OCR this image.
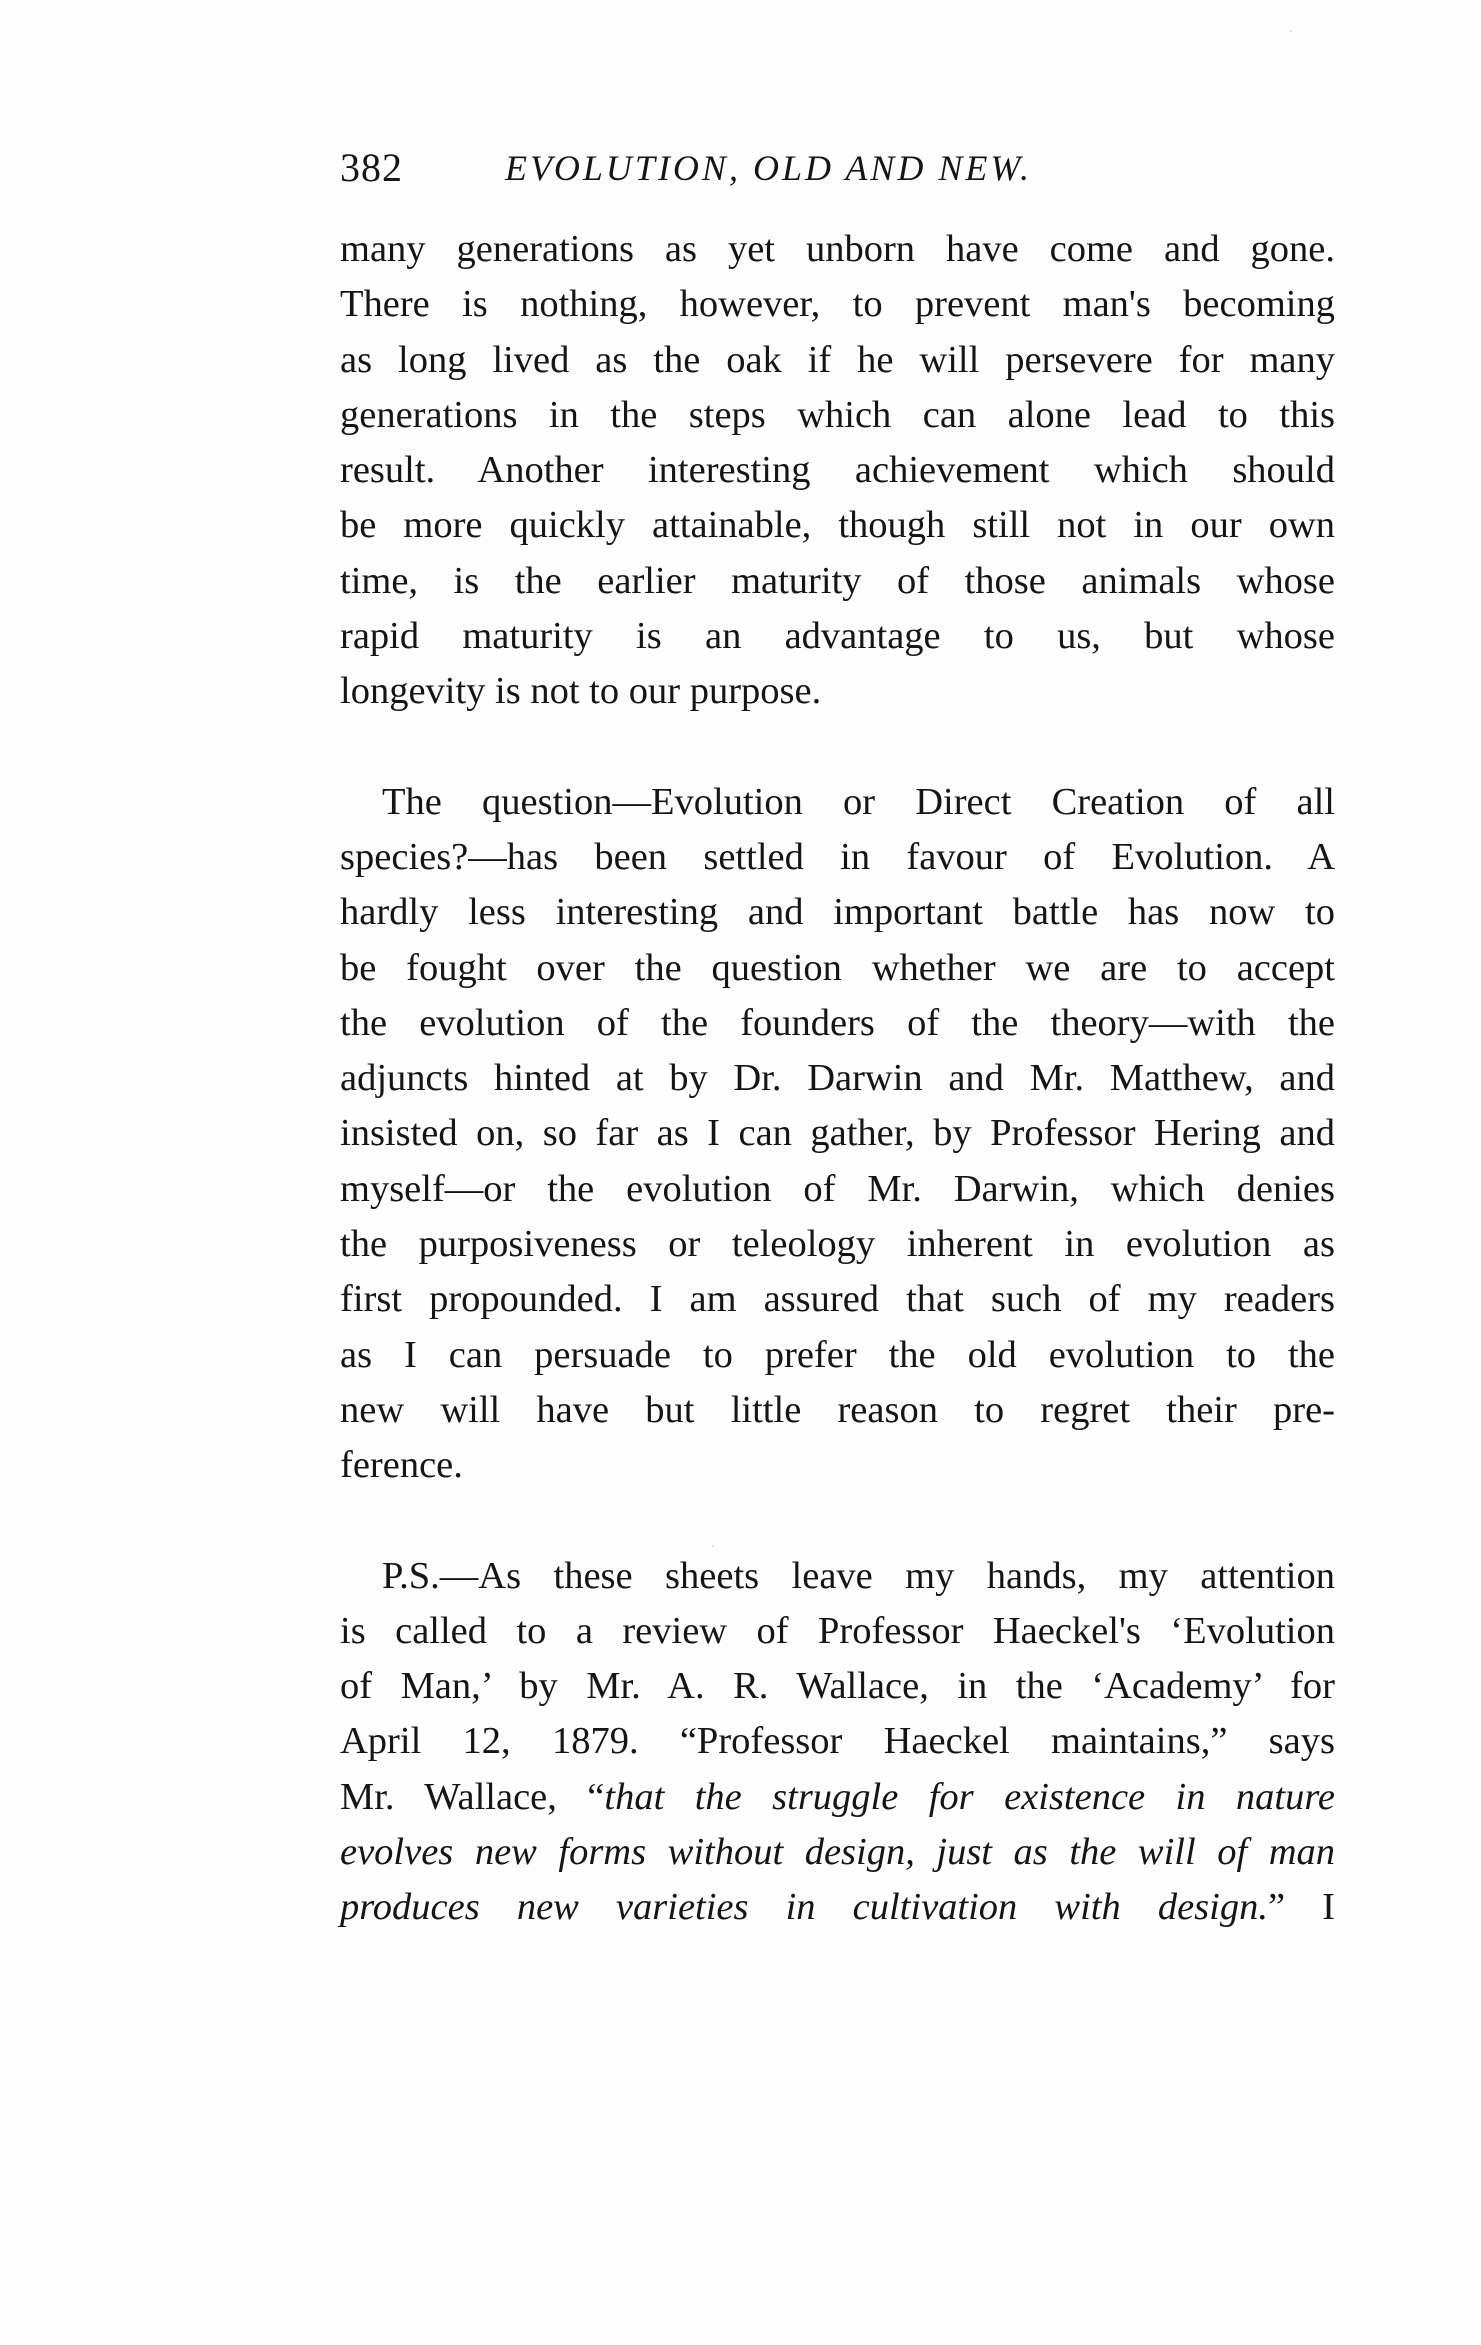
382	EVOLUTION, OLD AND NEW.

many generations as yet unborn have come and gone.
There is nothing, however, to prevent man's becoming
as long lived as the oak if he will persevere for many
generations in the steps which can alone lead to this
result. Another interesting achievement which should
be more quickly attainable, though still not in our own
time, is the earlier maturity of those animals whose
rapid maturity is an advantage to us, but whose
longevity is not to our purpose.

The question—Evolution or Direct Creation of all
species?—has been settled in favour of Evolution. A
hardly less interesting and important battle has now to
be fought over the question whether we are to accept
the evolution of the founders of the theory—with the
adjuncts hinted at by Dr. Darwin and Mr. Matthew, and
insisted on, so far as I can gather, by Professor Hering and
myself—or the evolution of Mr. Darwin, which denies
the purposiveness or teleology inherent in evolution as
first propounded. I am assured that such of my readers
as I can persuade to prefer the old evolution to the
new will have but little reason to regret their pre-
ference.

P.S.—As these sheets leave my hands, my attention
is called to a review of Professor Haeckel's ‘Evolution
of Man,’ by Mr. A. R. Wallace, in the ‘Academy’ for
April 12, 1879. “Professor Haeckel maintains,” says
Mr. Wallace, “that the struggle for existence in nature
evolves new forms without design, just as the will of man
produces new varieties in cultivation with design.” I
